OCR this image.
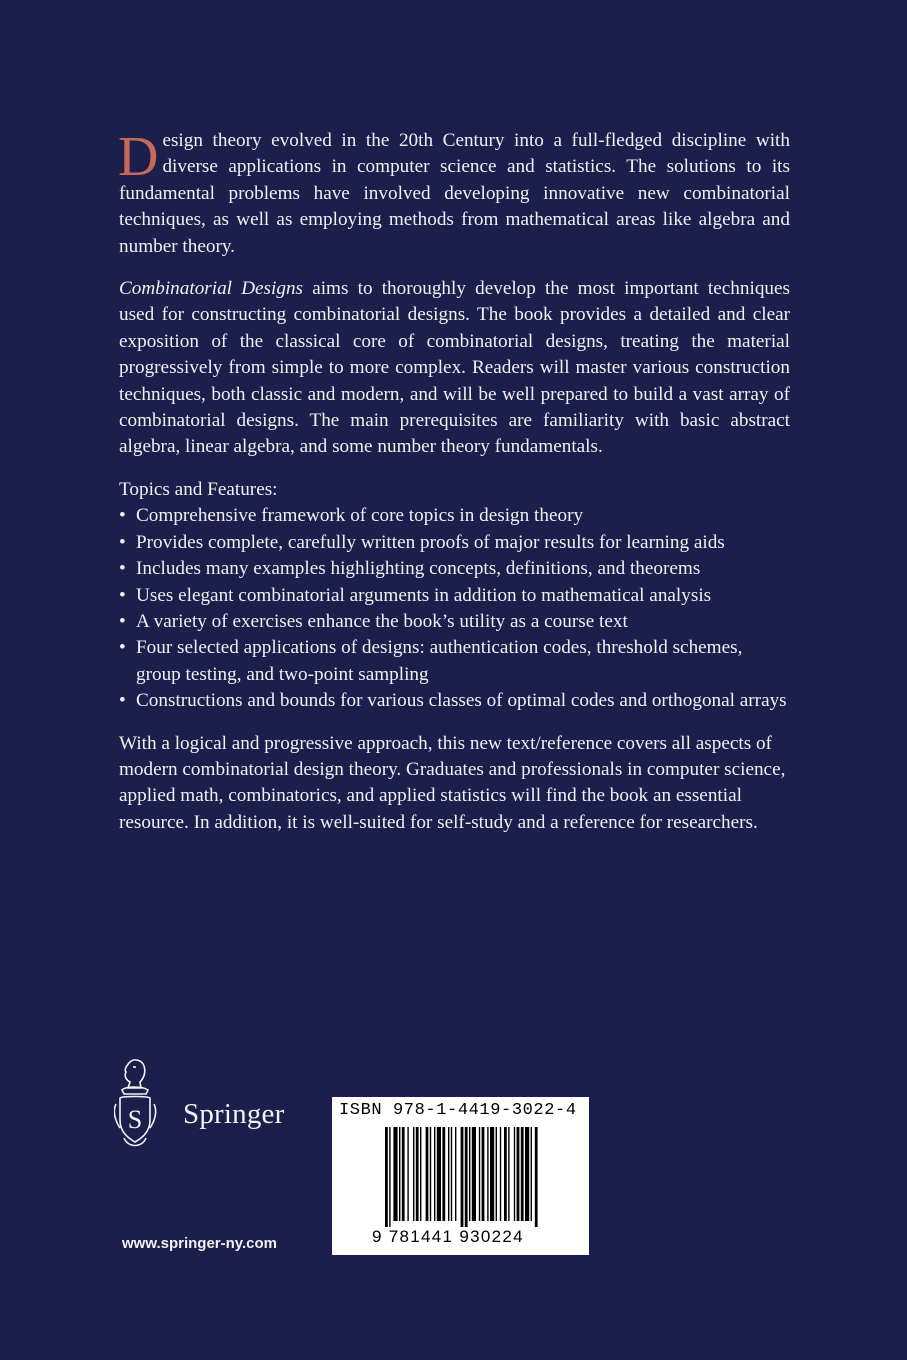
Design theory evolved in the 20th Century into a full-fledged discipline with diverse applications in computer science and statistics. The solutions to its fundamental problems have involved developing innovative new combinatorial techniques, as well as employing methods from mathematical areas like algebra and number theory.

Combinatorial Designs aims to thoroughly develop the most important techniques used for constructing combinatorial designs. The book provides a detailed and clear exposition of the classical core of combinatorial designs, treating the material progressively from simple to more complex. Readers will master various construction techniques, both classic and modern, and will be well prepared to build a vast array of combinatorial designs. The main prerequisites are familiarity with basic abstract algebra, linear algebra, and some number theory fundamentals.

Topics and Features:

• Comprehensive framework of core topics in design theory
• Provides complete, carefully written proofs of major results for learning aids
• Includes many examples highlighting concepts, definitions, and theorems
• Uses elegant combinatorial arguments in addition to mathematical analysis
• A variety of exercises enhance the book’s utility as a course text
• Four selected applications of designs: authentication codes, threshold schemes, group testing, and two-point sampling
• Constructions and bounds for various classes of optimal codes and orthogonal arrays

With a logical and progressive approach, this new text/reference covers all aspects of modern combinatorial design theory. Graduates and professionals in computer science, applied math, combinatorics, and applied statistics will find the book an essential resource. In addition, it is well-suited for self-study and a reference for researchers.

S Springer
www.springer-ny.com
ISBN 978-1-4419-3022-4
9 781441 930224
